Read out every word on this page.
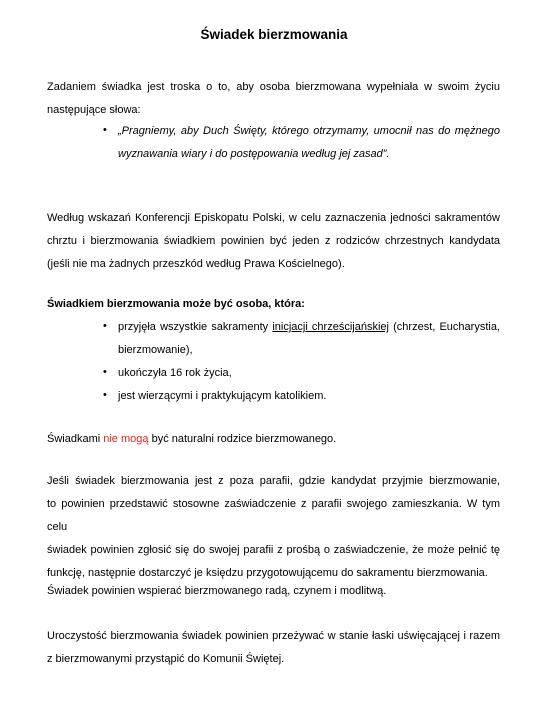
Świadek bierzmowania
Zadaniem świadka jest troska o to, aby osoba bierzmowana wypełniała w swoim życiu
następujące słowa:
• „Pragniemy, aby Duch Święty, którego otrzymamy, umocnił nas do mężnego
wyznawania wiary i do postępowania według jej zasad”.
Według wskazań Konferencji Episkopatu Polski, w celu zaznaczenia jedności sakramentów
chrztu i bierzmowania świadkiem powinien być jeden z rodziców chrzestnych kandydata
(jeśli nie ma żadnych przeszkód według Prawa Kościelnego).
Świadkiem bierzmowania może być osoba, która:
• przyjęła wszystkie sakramenty inicjacji chrześcijańskiej (chrzest, Eucharystia,
bierzmowanie),
• ukończyła 16 rok życia,
• jest wierzącymi i praktykującym katolikiem.
Świadkami nie mogą być naturalni rodzice bierzmowanego.
Jeśli świadek bierzmowania jest z poza parafii, gdzie kandydat przyjmie bierzmowanie,
to powinien przedstawić stosowne zaświadczenie z parafii swojego zamieszkania. W tym celu
świadek powinien zgłosić się do swojej parafii z prośbą o zaświadczenie, że może pełnić tę
funkcję, następnie dostarczyć je księdzu przygotowującemu do sakramentu bierzmowania.
Świadek powinien wspierać bierzmowanego radą, czynem i modlitwą.
Uroczystość bierzmowania świadek powinien przeżywać w stanie łaski uświęcającej i razem
z bierzmowanymi przystąpić do Komunii Świętej.
